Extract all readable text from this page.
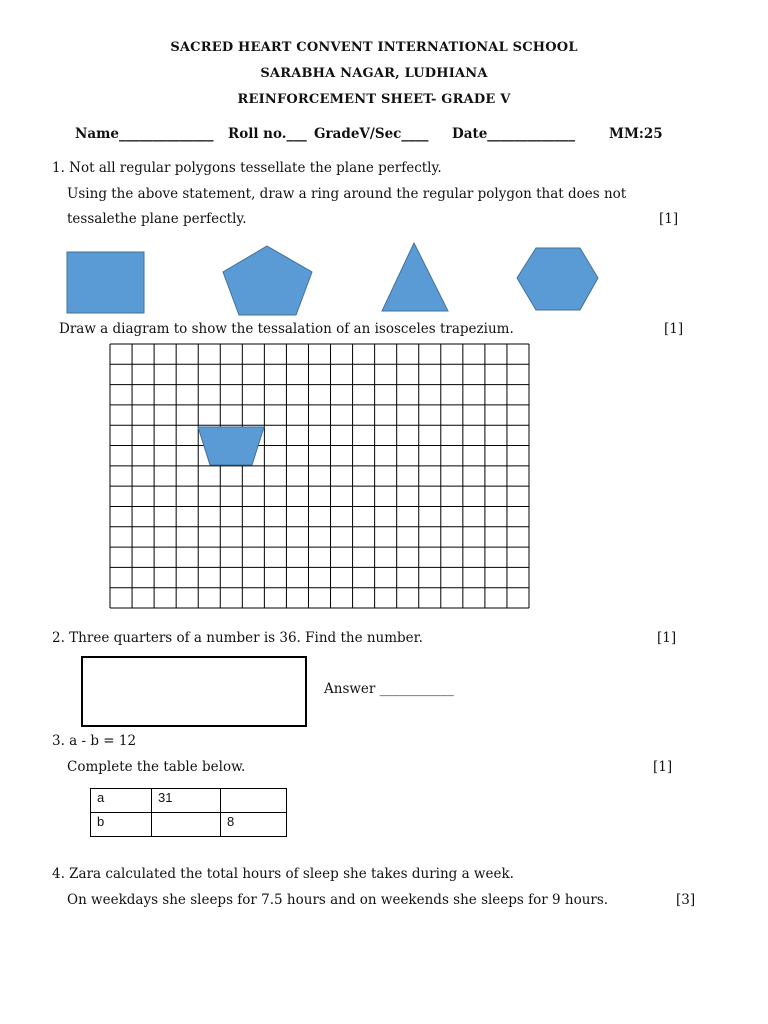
SACRED HEART CONVENT INTERNATIONAL SCHOOL
SARABHA NAGAR, LUDHIANA
REINFORCEMENT SHEET- GRADE V
Name______________ Roll no.___ GradeV/Sec____ Date_____________	MM:25
1. Not all regular polygons tessellate the plane perfectly.
Using the above statement, draw a ring around the regular polygon that does not
tessalethe plane perfectly.	[1]
Draw a diagram to show the tessalation of an isosceles trapezium.	[1]
2. Three quarters of a number is 36. Find the number.	[1]
Answer ___________
3. a - b = 12
Complete the table below.	[1]
a	31	
b		8
4. Zara calculated the total hours of sleep she takes during a week.
On weekdays she sleeps for 7.5 hours and on weekends she sleeps for 9 hours.	[3]
